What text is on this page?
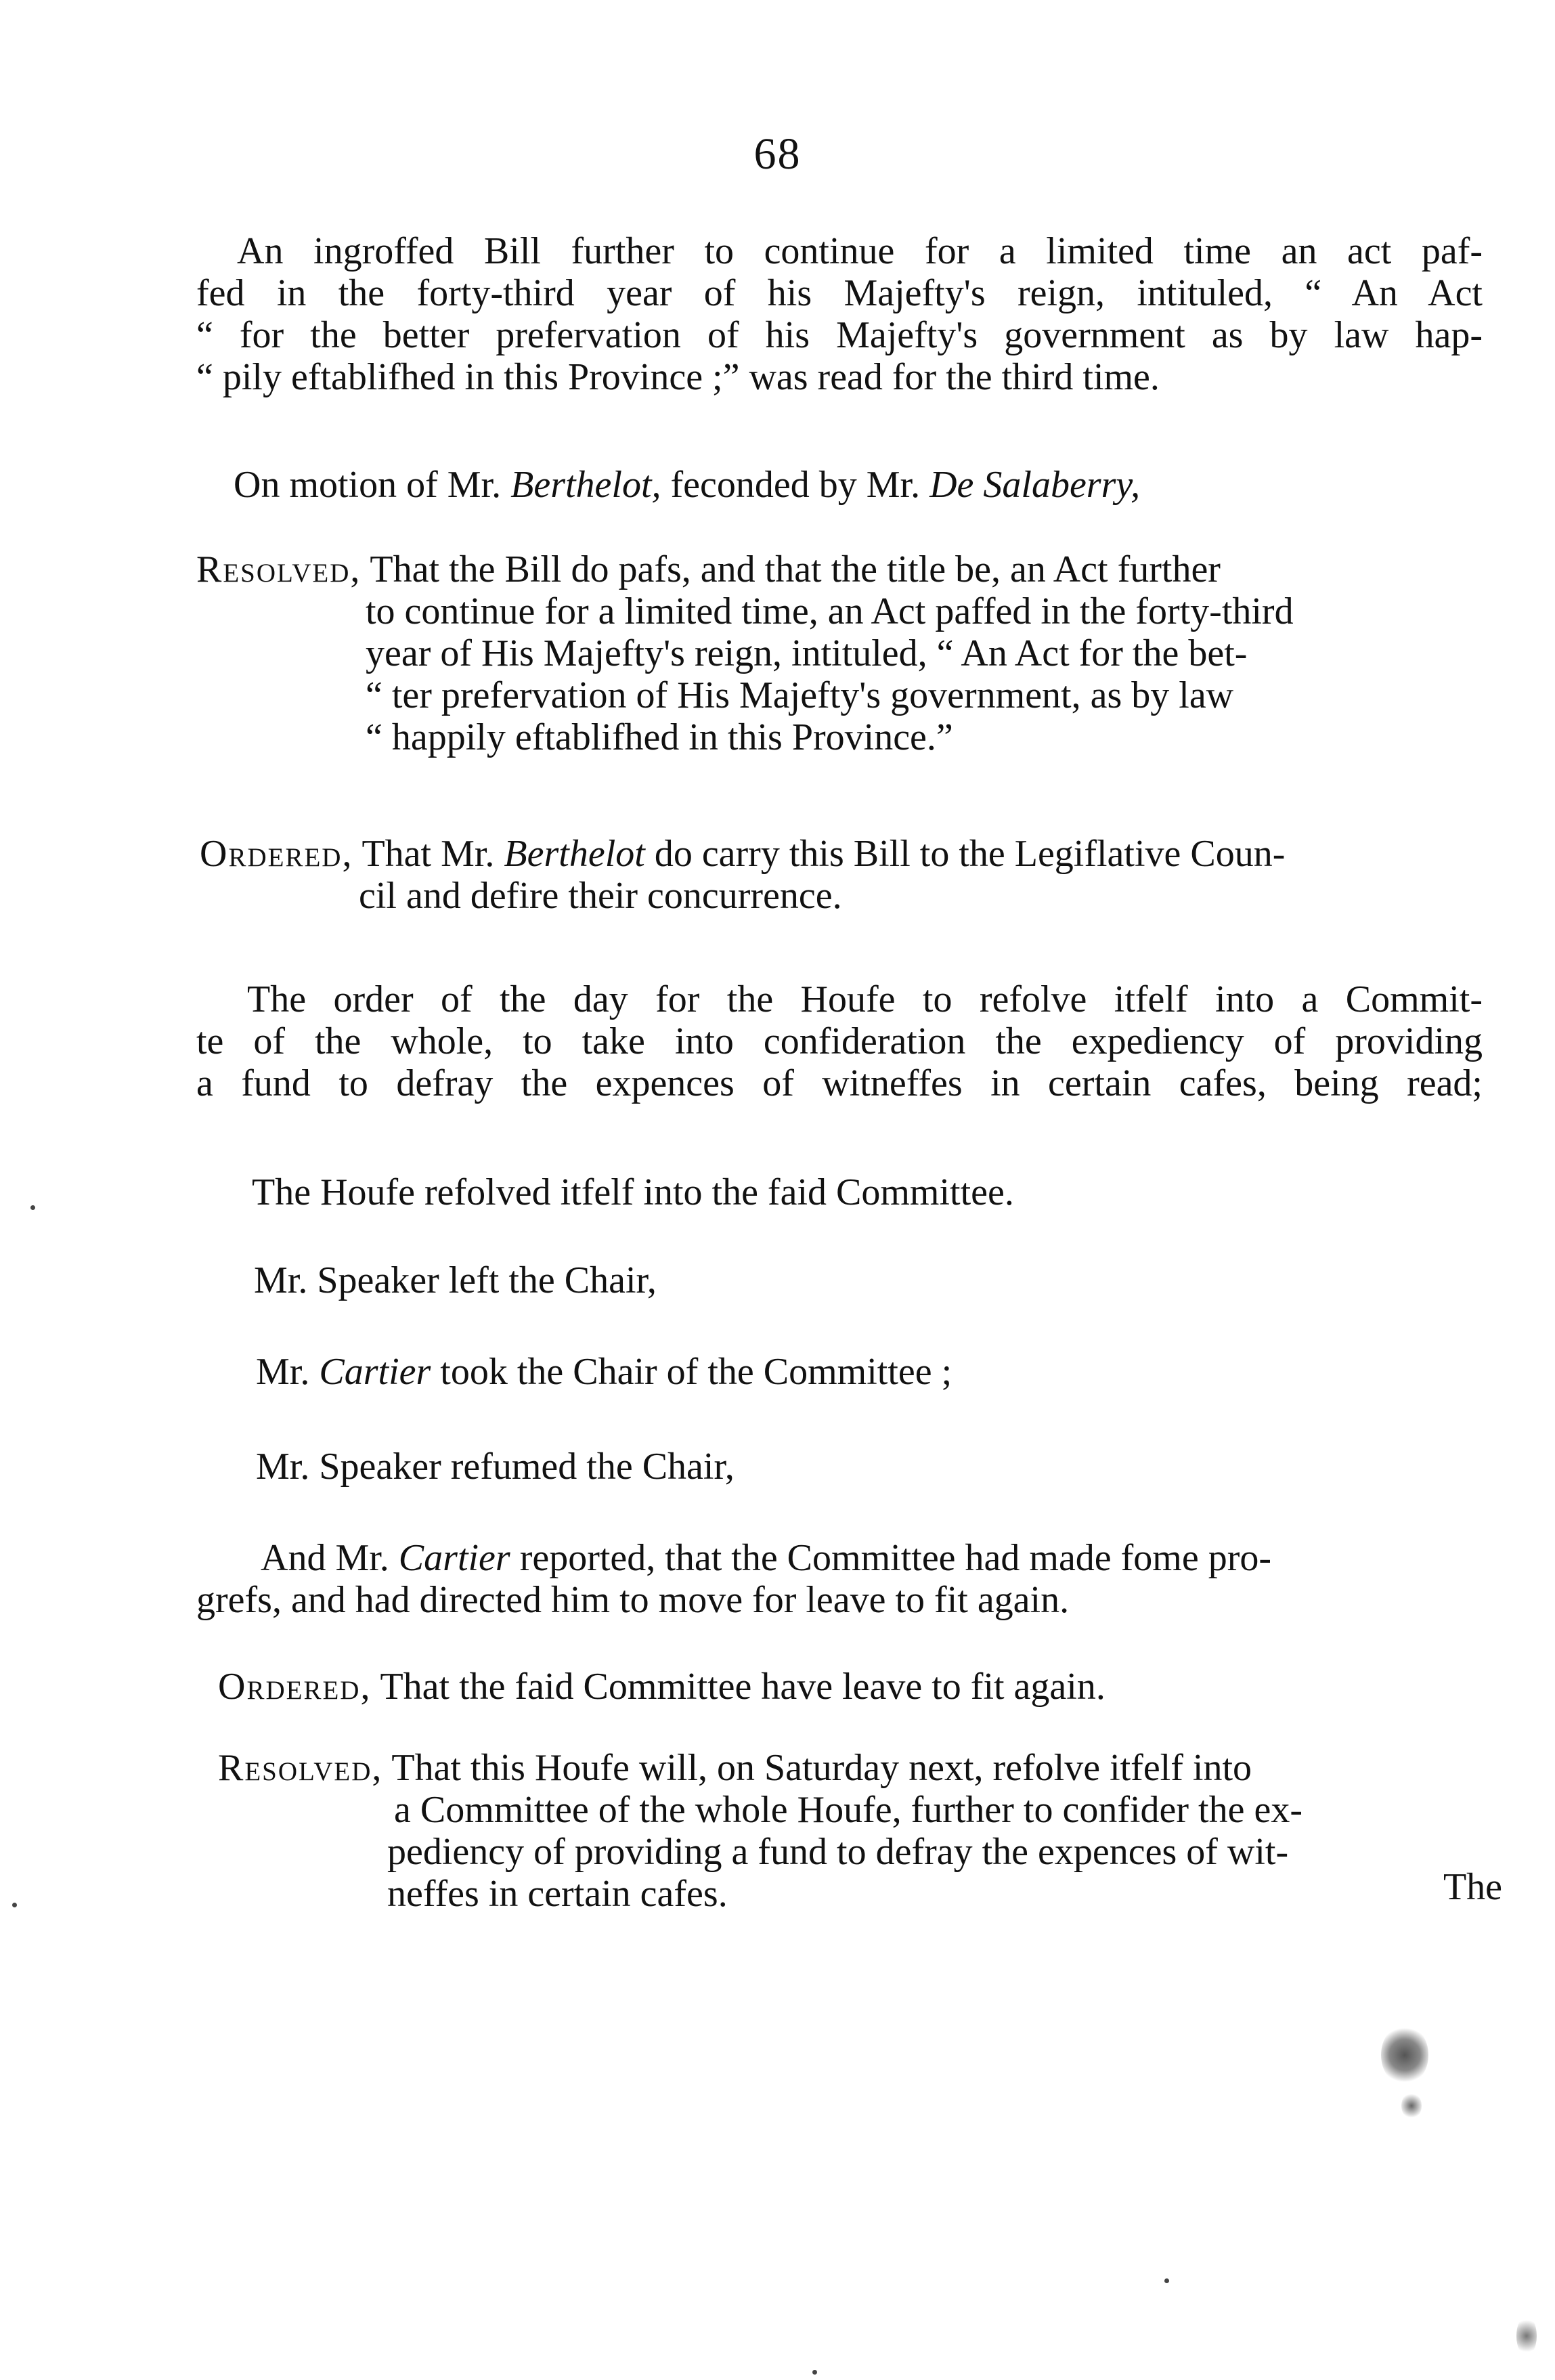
68
An ingroffed Bill further to continue for a limited time an act paf-
fed in the forty-third year of his Majefty's reign, intituled, “ An Act
“ for the better prefervation of his Majefty's government as by law hap-
“ pily eftablifhed in this Province ;” was read for the third time.
On motion of Mr. Berthelot, feconded by Mr. De Salaberry,
Resolved, That the Bill do pafs, and that the title be, an Act further
to continue for a limited time, an Act paffed in the forty-third
year of His Majefty's reign, intituled, “ An Act for the bet-
“ ter prefervation of His Majefty's government, as by law
“ happily eftablifhed in this Province.”
Ordered, That Mr. Berthelot do carry this Bill to the Legiflative Coun-
cil and defire their concurrence.
The order of the day for the Houfe to refolve itfelf into a Commit-
te of the whole, to take into confideration the expediency of providing
a fund to defray the expences of witneffes in certain cafes, being read;
The Houfe refolved itfelf into the faid Committee.
Mr. Speaker left the Chair,
Mr. Cartier took the Chair of the Committee ;
Mr. Speaker refumed the Chair,
And Mr. Cartier reported, that the Committee had made fome pro-
grefs, and had directed him to move for leave to fit again.
Ordered, That the faid Committee have leave to fit again.
Resolved, That this Houfe will, on Saturday next, refolve itfelf into
a Committee of the whole Houfe, further to confider the ex-
pediency of providing a fund to defray the expences of wit-
neffes in certain cafes.	The
